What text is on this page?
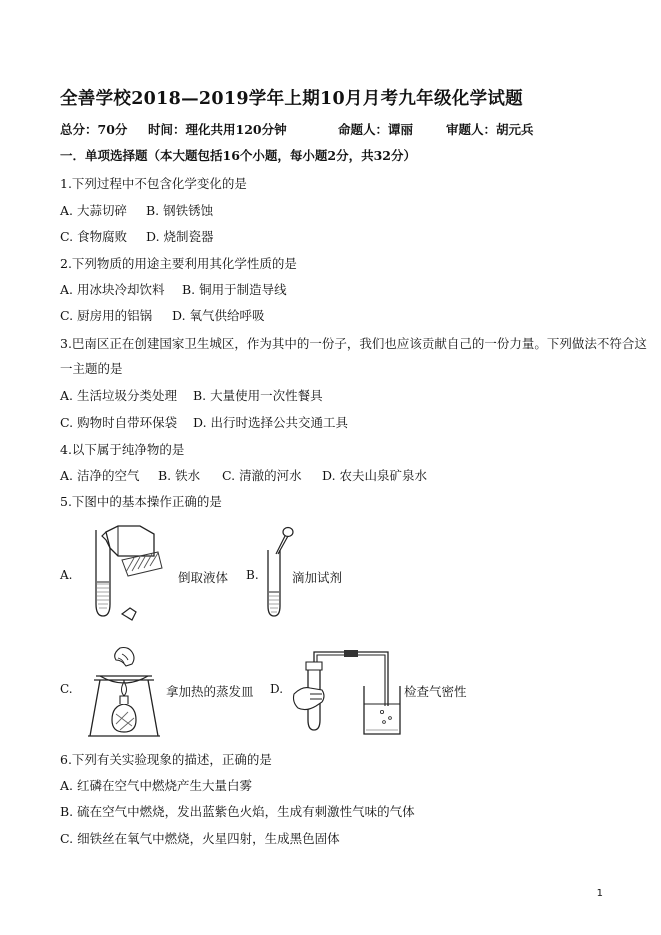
全善学校2018—2019学年上期10月月考九年级化学试题
总分：70分 时间：理化共用120分钟	命题人：谭丽	审题人：胡元兵
一．单项选择题（本大题包括16个小题，每小题2分，共32分）
1.下列过程中不包含化学变化的是
A. 大蒜切碎 B. 钢铁锈蚀
C. 食物腐败 D. 烧制瓷器
2.下列物质的用途主要利用其化学性质的是
A. 用冰块冷却饮料 B. 铜用于制造导线
C. 厨房用的铝锅 D. 氧气供给呼吸
3.巴南区正在创建国家卫生城区，作为其中的一份子，我们也应该贡献自己的一份力量。下列做法不符合这
一主题的是
A. 生活垃圾分类处理 B. 大量使用一次性餐具
C. 购物时自带环保袋 D. 出行时选择公共交通工具
4.以下属于纯净物的是
A. 洁净的空气 B. 铁水 C. 清澈的河水 D. 农夫山泉矿泉水
5.下图中的基本操作正确的是
A.	倒取液体 B.	滴加试剂
C.	拿加热的蒸发皿 D.	检查气密性
6.下列有关实验现象的描述，正确的是
A. 红磷在空气中燃烧产生大量白雾
B. 硫在空气中燃烧，发出蓝紫色火焰，生成有刺激性气味的气体
C. 细铁丝在氧气中燃烧，火星四射，生成黑色固体
1
